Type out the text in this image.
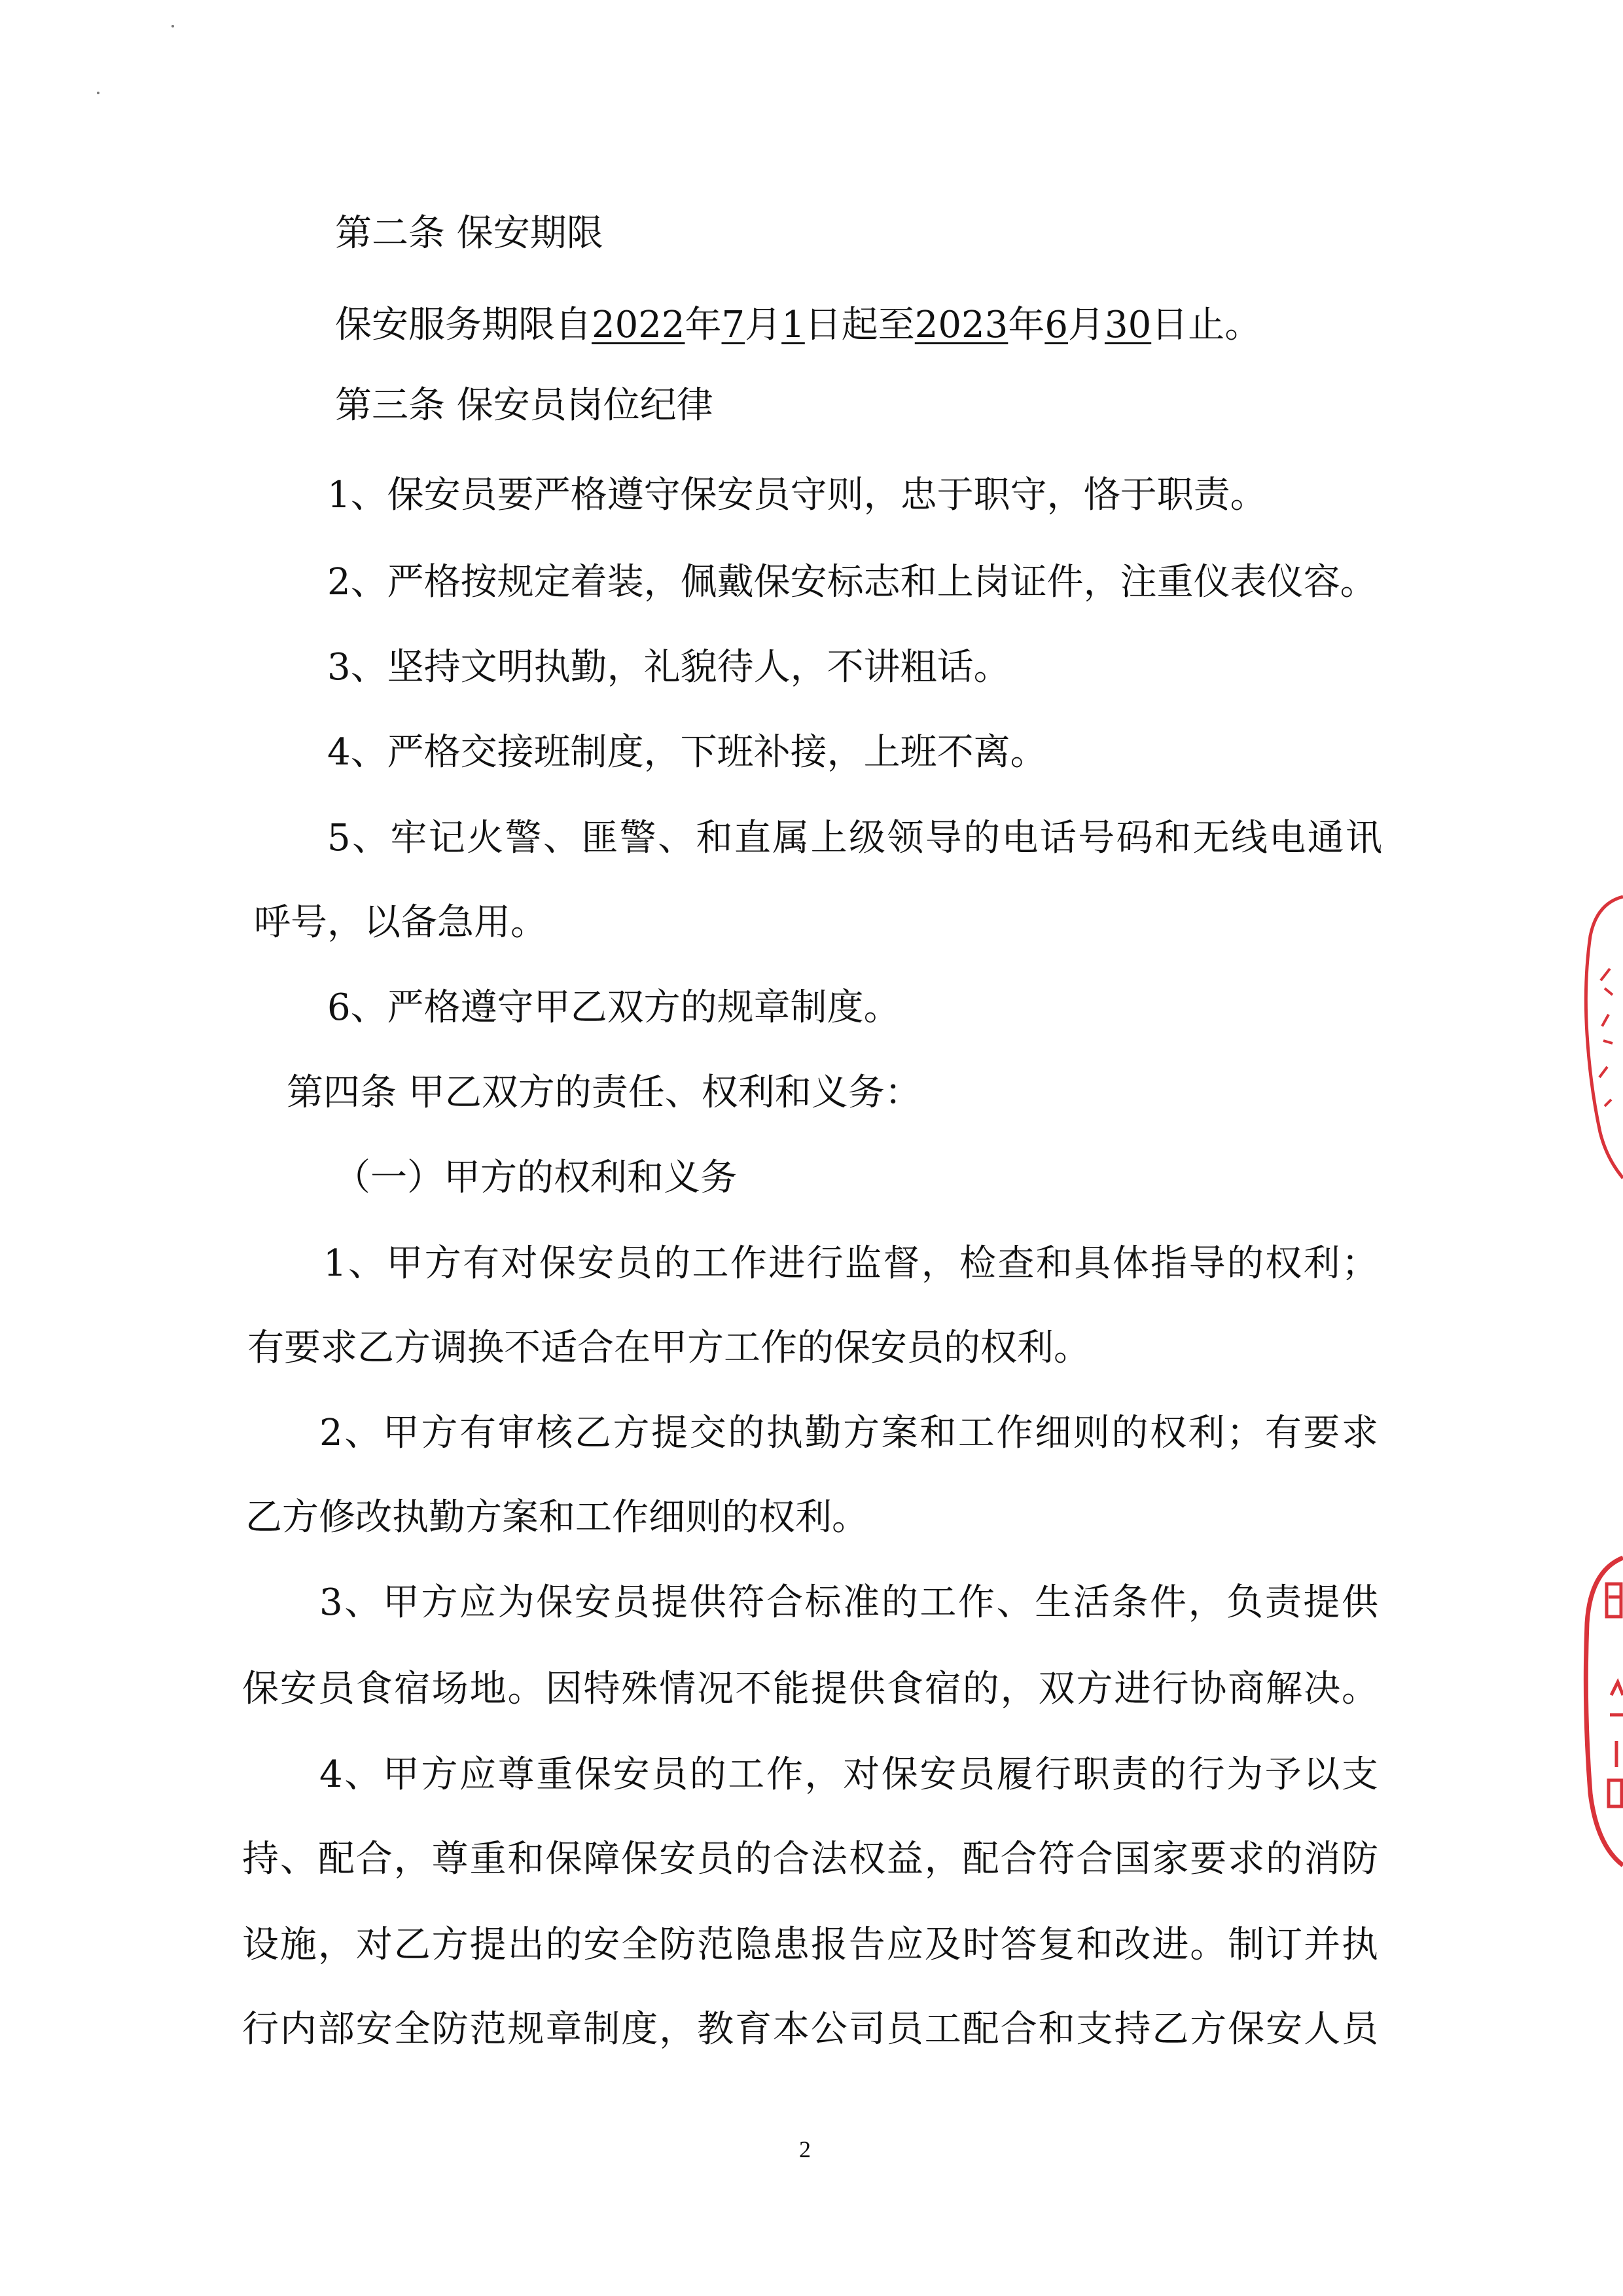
第二条 保安期限

保安服务期限自2022年7月1日起至2023年6月30日止。

第三条 保安员岗位纪律

1、保安员要严格遵守保安员守则，忠于职守，恪于职责。

2、严格按规定着装，佩戴保安标志和上岗证件，注重仪表仪容。

3、坚持文明执勤，礼貌待人，不讲粗话。

4、严格交接班制度，下班补接，上班不离。

5、牢记火警、匪警、和直属上级领导的电话号码和无线电通讯

呼号，以备急用。

6、严格遵守甲乙双方的规章制度。

第四条 甲乙双方的责任、权利和义务：

（一）甲方的权利和义务

1、甲方有对保安员的工作进行监督，检查和具体指导的权利；

有要求乙方调换不适合在甲方工作的保安员的权利。

2、甲方有审核乙方提交的执勤方案和工作细则的权利；有要求

乙方修改执勤方案和工作细则的权利。

3、甲方应为保安员提供符合标准的工作、生活条件，负责提供

保安员食宿场地。因特殊情况不能提供食宿的，双方进行协商解决。

4、甲方应尊重保安员的工作，对保安员履行职责的行为予以支

持、配合，尊重和保障保安员的合法权益，配合符合国家要求的消防

设施，对乙方提出的安全防范隐患报告应及时答复和改进。制订并执

行内部安全防范规章制度，教育本公司员工配合和支持乙方保安人员

2
